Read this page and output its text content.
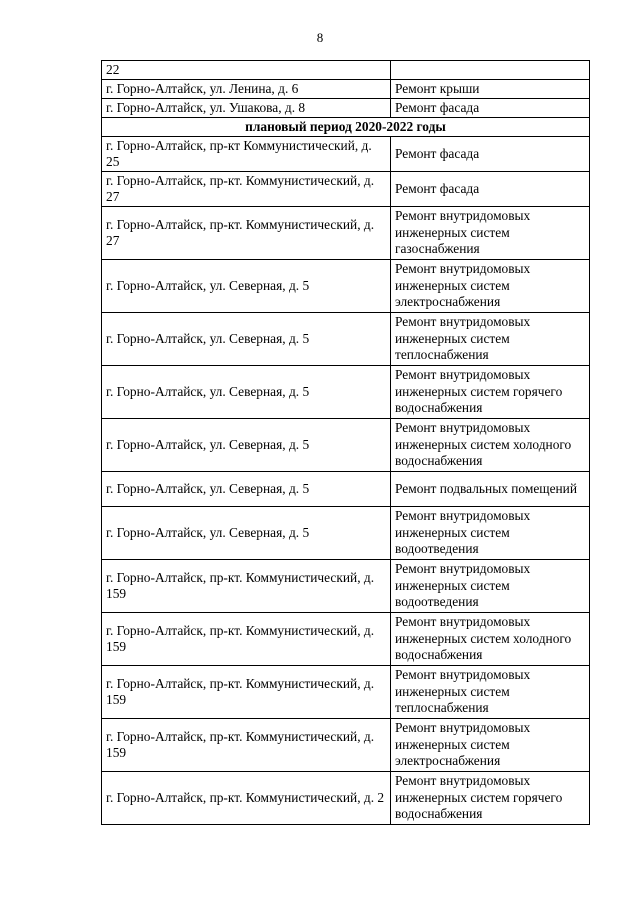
8
22	
г. Горно-Алтайск, ул. Ленина, д. 6	Ремонт крыши
г. Горно-Алтайск, ул. Ушакова, д. 8	Ремонт фасада
плановый период 2020-2022 годы	
г. Горно-Алтайск, пр-кт Коммунистический, д. 25	Ремонт фасада
г. Горно-Алтайск, пр-кт. Коммунистический, д. 27	Ремонт фасада
г. Горно-Алтайск, пр-кт. Коммунистический, д. 27	Ремонт внутридомовых инженерных систем газоснабжения
г. Горно-Алтайск, ул. Северная, д. 5	Ремонт внутридомовых инженерных систем электроснабжения
г. Горно-Алтайск, ул. Северная, д. 5	Ремонт внутридомовых инженерных систем теплоснабжения
г. Горно-Алтайск, ул. Северная, д. 5	Ремонт внутридомовых инженерных систем горячего водоснабжения
г. Горно-Алтайск, ул. Северная, д. 5	Ремонт внутридомовых инженерных систем холодного водоснабжения
г. Горно-Алтайск, ул. Северная, д. 5	Ремонт подвальных помещений
г. Горно-Алтайск, ул. Северная, д. 5	Ремонт внутридомовых инженерных систем водоотведения
г. Горно-Алтайск, пр-кт. Коммунистический, д. 159	Ремонт внутридомовых инженерных систем водоотведения
г. Горно-Алтайск, пр-кт. Коммунистический, д. 159	Ремонт внутридомовых инженерных систем холодного водоснабжения
г. Горно-Алтайск, пр-кт. Коммунистический, д. 159	Ремонт внутридомовых инженерных систем теплоснабжения
г. Горно-Алтайск, пр-кт. Коммунистический, д. 159	Ремонт внутридомовых инженерных систем электроснабжения
г. Горно-Алтайск, пр-кт. Коммунистический, д. 2	Ремонт внутридомовых инженерных систем горячего водоснабжения
